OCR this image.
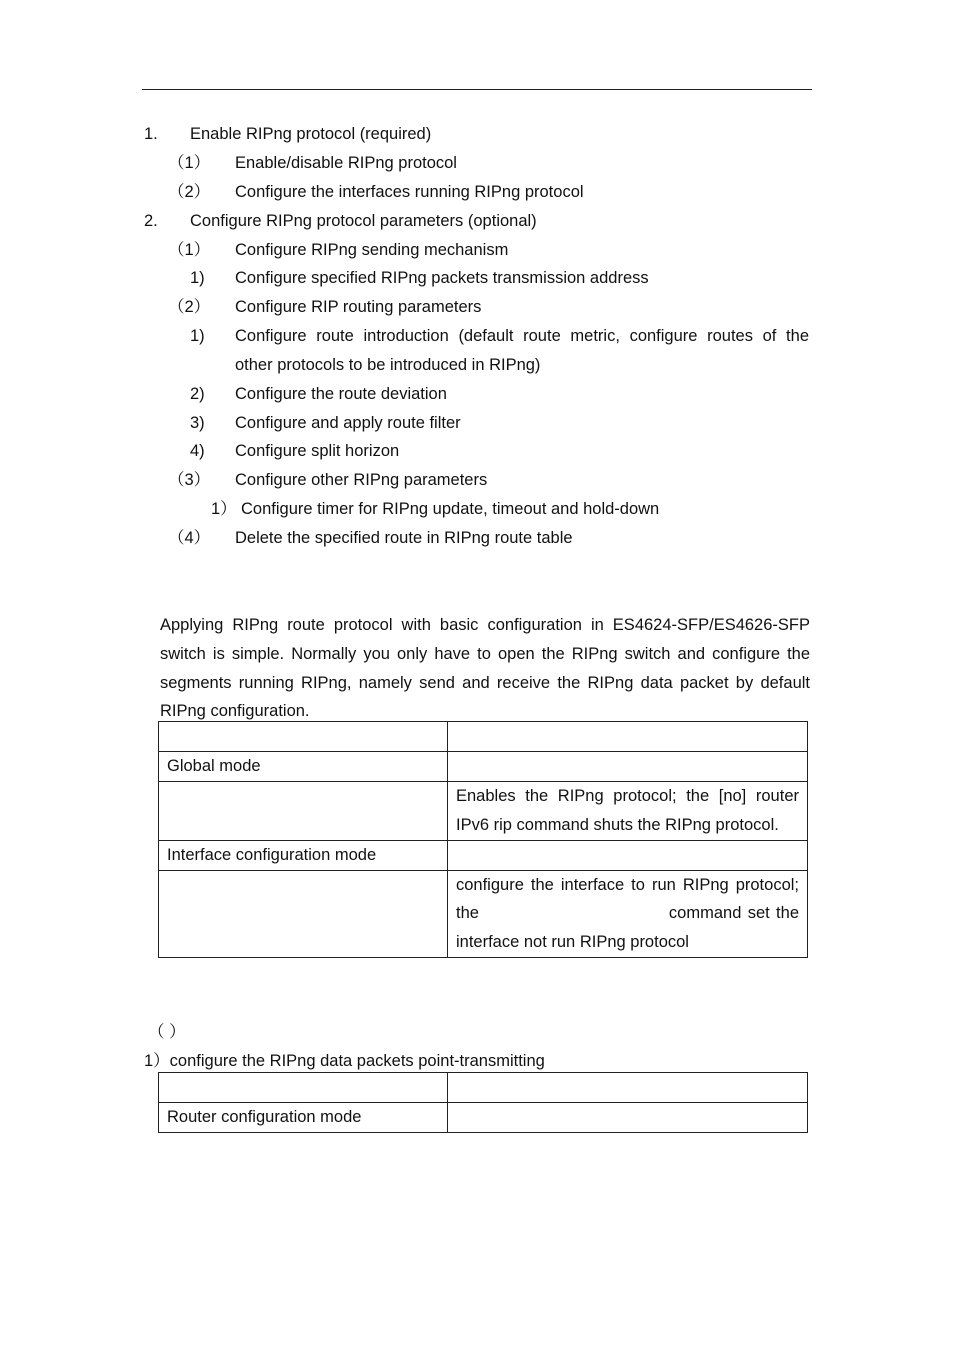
1. Enable RIPng protocol (required)
（1） Enable/disable RIPng protocol
（2） Configure the interfaces running RIPng protocol
2. Configure RIPng protocol parameters (optional)
（1） Configure RIPng sending mechanism
1) Configure specified RIPng packets transmission address
（2） Configure RIP routing parameters
1) Configure route introduction (default route metric, configure routes of the
other protocols to be introduced in RIPng)
2) Configure the route deviation
3) Configure and apply route filter
4) Configure split horizon
（3） Configure other RIPng parameters
1） Configure timer for RIPng update, timeout and hold-down
（4） Delete the specified route in RIPng route table
Applying RIPng route protocol with basic configuration in ES4624-SFP/ES4626-SFP
switch is simple. Normally you only have to open the RIPng switch and configure the
segments running RIPng, namely send and receive the RIPng data packet by default
RIPng configuration.

Global mode	

	Enables the RIPng protocol; the [no] router
IPv6 rip command shuts the RIPng protocol.

Interface configuration mode	

	configure the interface to run RIPng protocol;
the                              command set the
interface not run RIPng protocol
（ ）
1）configure the RIPng data packets point-transmitting

Router configuration mode	
